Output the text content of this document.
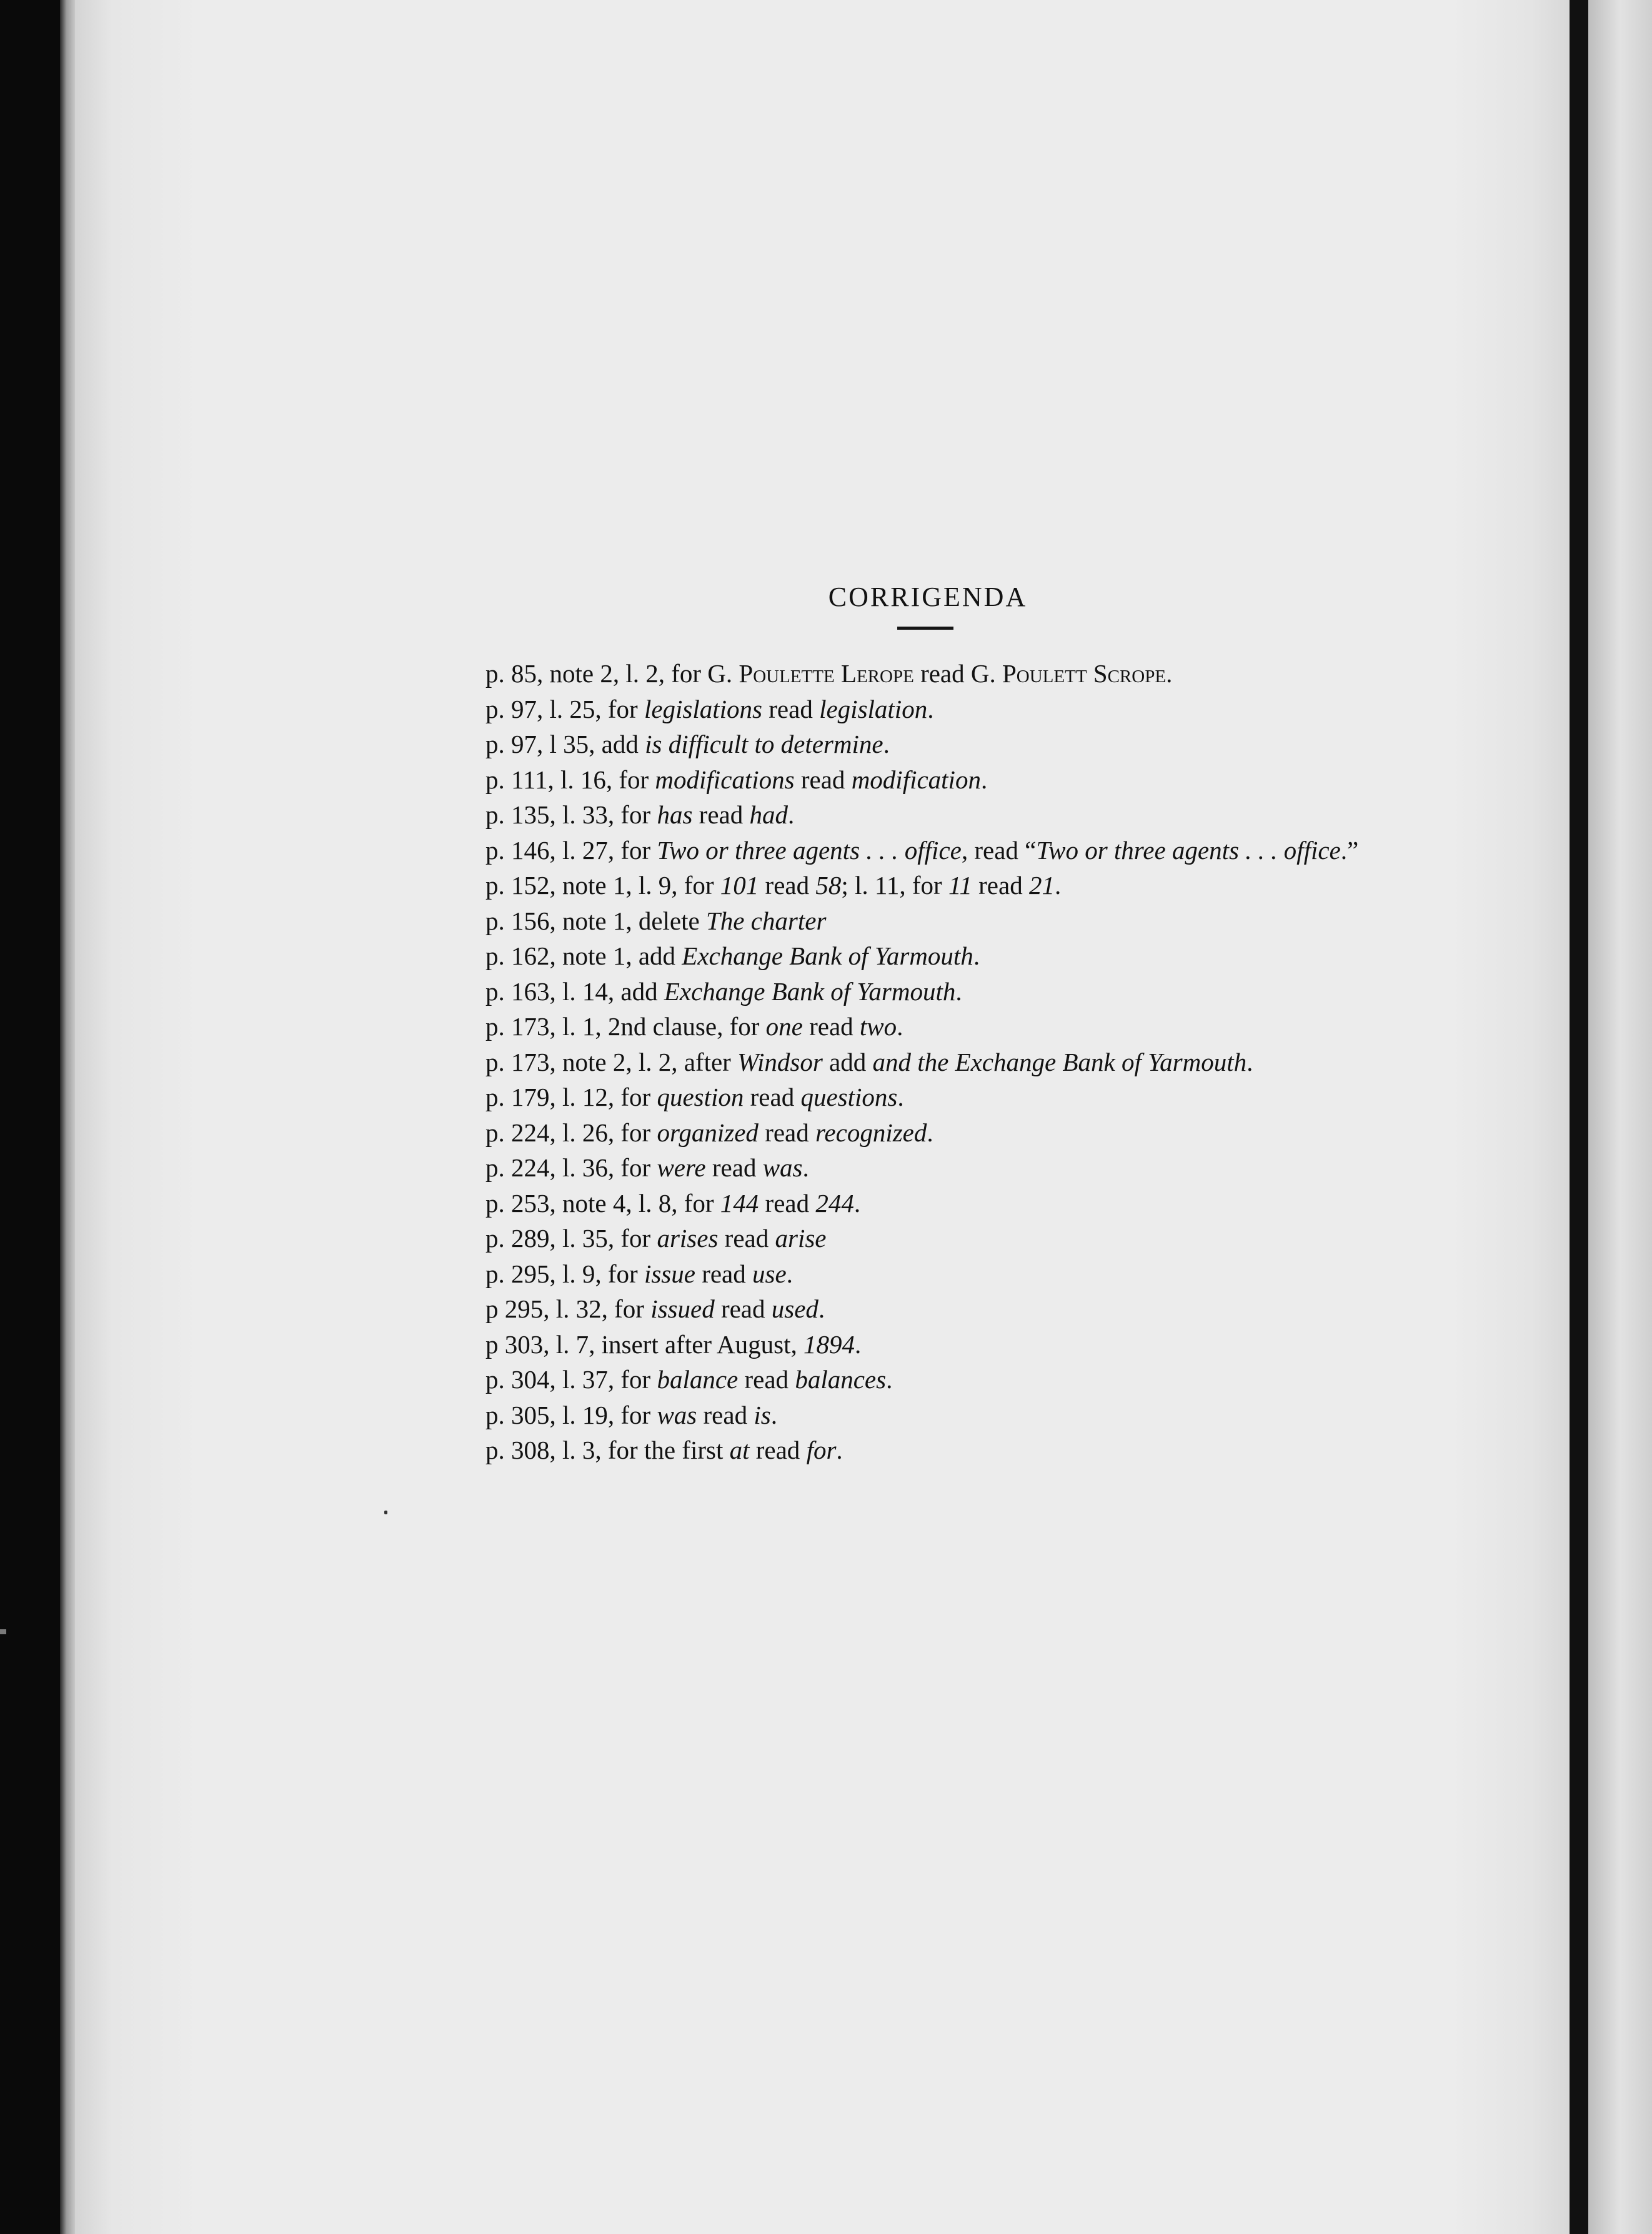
CORRIGENDA
p. 85, note 2, l. 2, for G. Poulette Lerope read G. Poulett Scrope.
p. 97, l. 25, for legislations read legislation.
p. 97, l 35, add is difficult to determine.
p. 111, l. 16, for modifications read modification.
p. 135, l. 33, for has read had.
p. 146, l. 27, for Two or three agents . . . office, read “Two or three agents . . . office.”
p. 152, note 1, l. 9, for 101 read 58; l. 11, for 11 read 21.
p. 156, note 1, delete The charter
p. 162, note 1, add Exchange Bank of Yarmouth.
p. 163, l. 14, add Exchange Bank of Yarmouth.
p. 173, l. 1, 2nd clause, for one read two.
p. 173, note 2, l. 2, after Windsor add and the Exchange Bank of Yarmouth.
p. 179, l. 12, for question read questions.
p. 224, l. 26, for organized read recognized.
p. 224, l. 36, for were read was.
p. 253, note 4, l. 8, for 144 read 244.
p. 289, l. 35, for arises read arise
p. 295, l. 9, for issue read use.
p 295, l. 32, for issued read used.
p 303, l. 7, insert after August, 1894.
p. 304, l. 37, for balance read balances.
p. 305, l. 19, for was read is.
p. 308, l. 3, for the first at read for.
